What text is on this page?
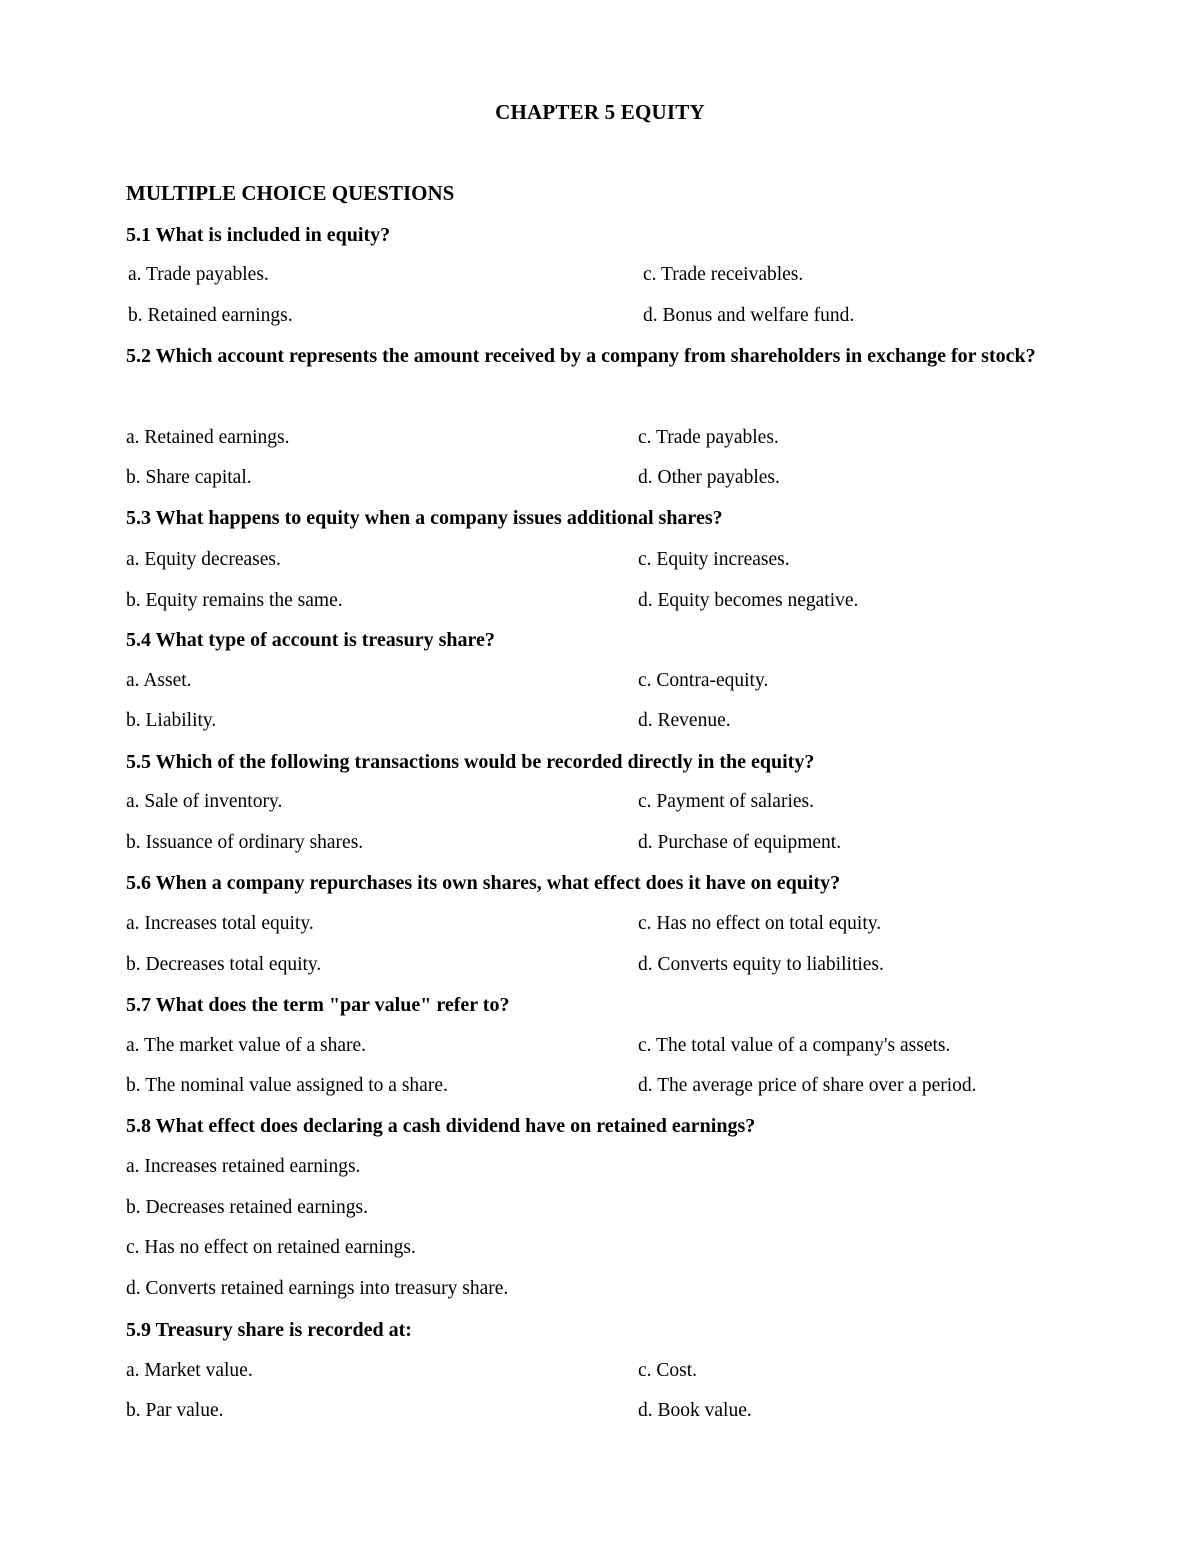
CHAPTER 5 EQUITY
MULTIPLE CHOICE QUESTIONS
5.1 What is included in equity?
a. Trade payables.	c. Trade receivables.
b. Retained earnings.	d. Bonus and welfare fund.
5.2 Which account represents the amount received by a company from shareholders in exchange for stock?
a. Retained earnings.	c. Trade payables.
b. Share capital.	d. Other payables.
5.3 What happens to equity when a company issues additional shares?
a. Equity decreases.	c. Equity increases.
b. Equity remains the same.	d. Equity becomes negative.
5.4 What type of account is treasury share?
a. Asset.	c. Contra-equity.
b. Liability.	d. Revenue.
5.5 Which of the following transactions would be recorded directly in the equity?
a. Sale of inventory.	c. Payment of salaries.
b. Issuance of ordinary shares.	d. Purchase of equipment.
5.6 When a company repurchases its own shares, what effect does it have on equity?
a. Increases total equity.	c. Has no effect on total equity.
b. Decreases total equity.	d. Converts equity to liabilities.
5.7 What does the term "par value" refer to?
a. The market value of a share.	c. The total value of a company's assets.
b. The nominal value assigned to a share.	d. The average price of share over a period.
5.8 What effect does declaring a cash dividend have on retained earnings?
a. Increases retained earnings.
b. Decreases retained earnings.
c. Has no effect on retained earnings.
d. Converts retained earnings into treasury share.
5.9 Treasury share is recorded at:
a. Market value.	c. Cost.
b. Par value.	d. Book value.
